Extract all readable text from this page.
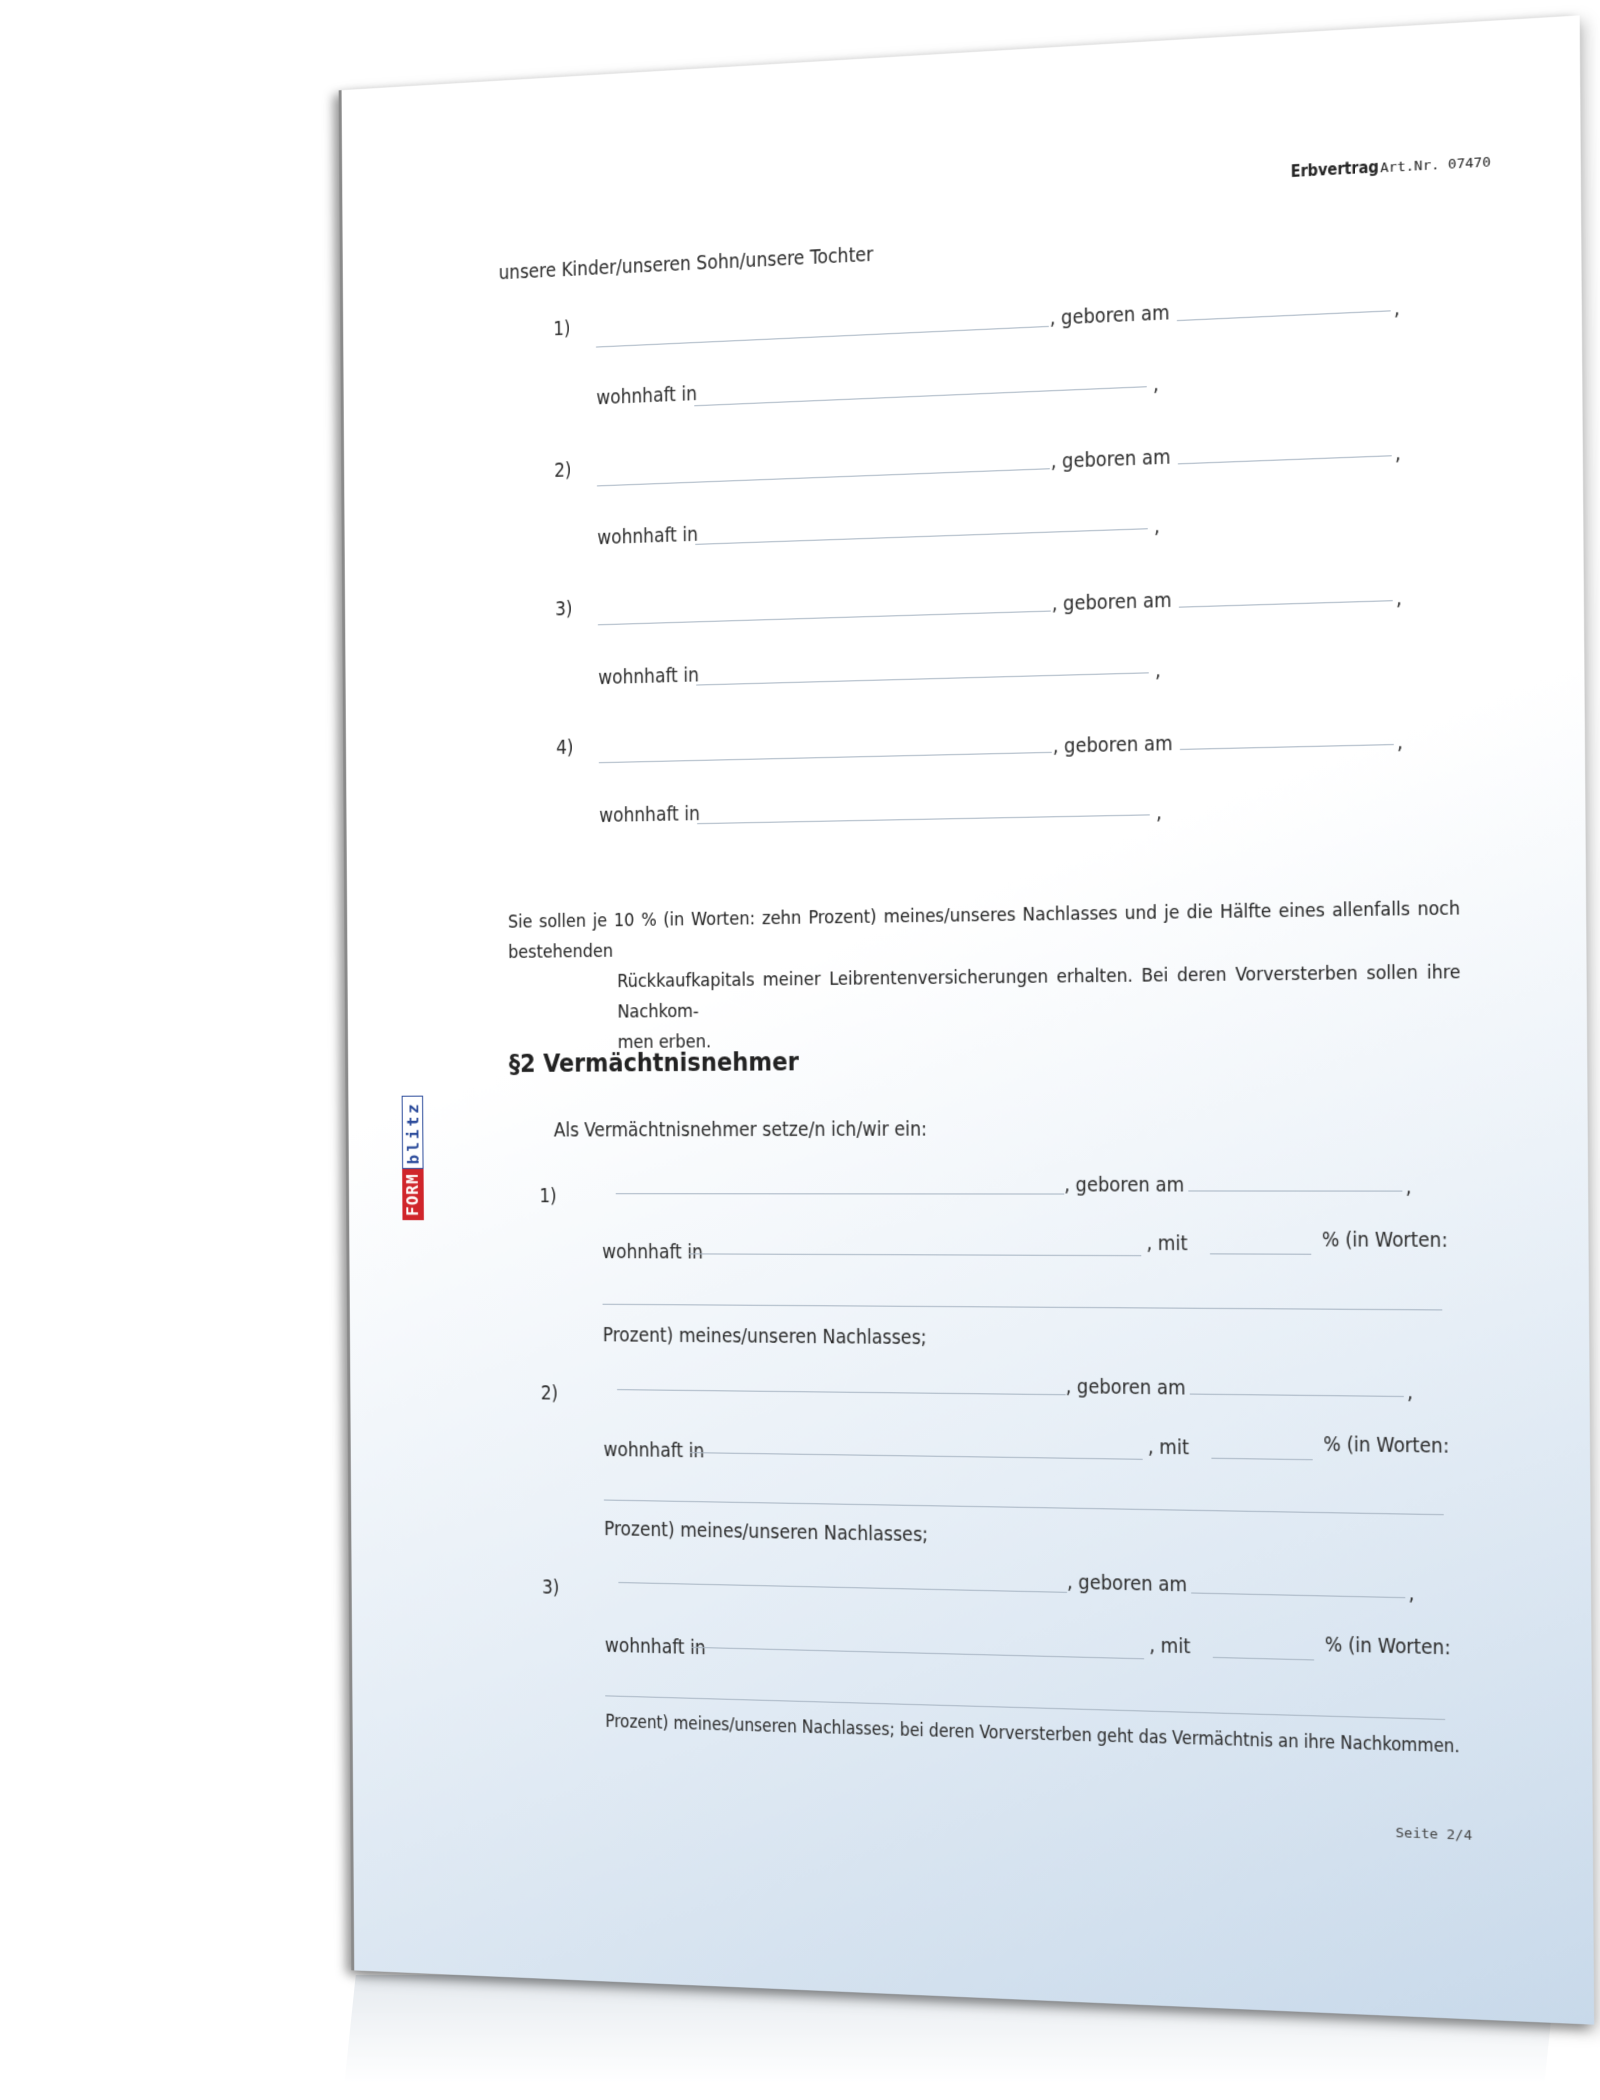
Erbvertrag Art.Nr. 07470
FORM
blitz
unsere Kinder/unseren Sohn/unsere Tochter
1)	, geboren am	,
wohnhaft in	,
2)	, geboren am	,
wohnhaft in	,
3)	, geboren am	,
wohnhaft in	,
4)	, geboren am	,
wohnhaft in	,
Sie sollen je 10 % (in Worten: zehn Prozent) meines/unseres Nachlasses und je die Hälfte eines allenfalls noch bestehenden
Rückkaufkapitals meiner Leibrentenversicherungen erhalten. Bei deren Vorversterben sollen ihre Nachkom-
men erben.
§2 Vermächtnisnehmer
Als Vermächtnisnehmer setze/n ich/wir ein:
1)	, geboren am	,
wohnhaft in	, mit	% (in Worten:
Prozent) meines/unseren Nachlasses;
2)	, geboren am	,
wohnhaft in	, mit	% (in Worten:
Prozent) meines/unseren Nachlasses;
3)	, geboren am	,
wohnhaft in	, mit	% (in Worten:
Prozent) meines/unseren Nachlasses; bei deren Vorversterben geht das Vermächtnis an ihre Nachkommen.
Seite 2/4
